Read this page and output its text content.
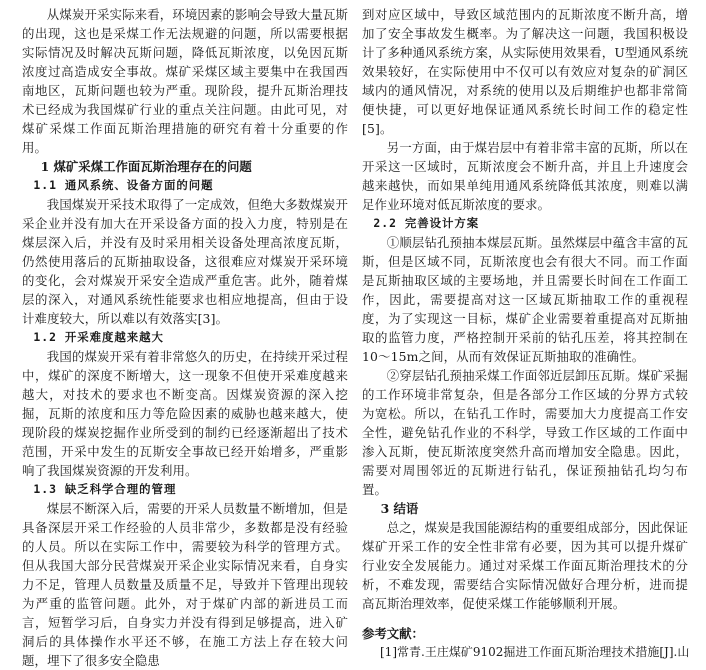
从煤炭开采实际来看，环境因素的影响会导致大量瓦斯的出现，这也是采煤工作无法规避的问题，所以需要根据实际情况及时解决瓦斯问题，降低瓦斯浓度，以免因瓦斯浓度过高造成安全事故。煤矿采煤区域主要集中在我国西南地区，瓦斯问题也较为严重。现阶段，提升瓦斯治理技术已经成为我国煤矿行业的重点关注问题。由此可见，对煤矿采煤工作面瓦斯治理措施的研究有着十分重要的作用。

1 煤矿采煤工作面瓦斯治理存在的问题

1.1 通风系统、设备方面的问题

我国煤炭开采技术取得了一定成效，但绝大多数煤炭开采企业并没有加大在开采设备方面的投入力度，特别是在煤层深入后，并没有及时采用相关设备处理高浓度瓦斯，仍然使用落后的瓦斯抽取设备，这很难应对煤炭开采环境的变化，会对煤炭开采安全造成严重危害。此外，随着煤层的深入，对通风系统性能要求也相应地提高，但由于设计难度较大，所以难以有效落实[3]。

1.2 开采难度越来越大

我国的煤炭开采有着非常悠久的历史，在持续开采过程中，煤矿的深度不断增大，这一现象不但使开采难度越来越大，对技术的要求也不断变高。因煤炭资源的深入挖掘，瓦斯的浓度和压力等危险因素的威胁也越来越大，使现阶段的煤炭挖掘作业所受到的制约已经逐渐超出了技术范围，开采中发生的瓦斯安全事故已经开始增多，严重影响了我国煤炭资源的开发利用。

1.3 缺乏科学合理的管理

煤层不断深入后，需要的开采人员数量不断增加，但是具备深层开采工作经验的人员非常少，多数都是没有经验的人员。所以在实际工作中，需要较为科学的管理方式。但从我国大部分民营煤炭开采企业实际情况来看，自身实力不足，管理人员数量及质量不足，导致并下管理出现较为严重的监管问题。此外，对于煤矿内部的新进员工而言，短暂学习后，自身实力并没有得到足够提高，进入矿洞后的具体操作水平还不够，在施工方法上存在较大问题，埋下了很多安全隐患

到对应区域中，导致区域范围内的瓦斯浓度不断升高，增加了安全事故发生概率。为了解决这一问题，我国积极设计了多种通风系统方案，从实际使用效果看，U型通风系统效果较好，在实际使用中不仅可以有效应对复杂的矿洞区域内的通风情况，对系统的使用以及后期维护也都非常简便快捷，可以更好地保证通风系统长时间工作的稳定性[5]。

另一方面，由于煤岩层中有着非常丰富的瓦斯，所以在开采这一区域时，瓦斯浓度会不断升高，并且上升速度会越来越快，而如果单纯用通风系统降低其浓度，则难以满足作业环境对低瓦斯浓度的要求。

2.2 完善设计方案

①顺层钻孔预抽本煤层瓦斯。虽然煤层中蕴含丰富的瓦斯，但是区域不同，瓦斯浓度也会有很大不同。而工作面是瓦斯抽取区域的主要场地，并且需要长时间在工作面工作，因此，需要提高对这一区域瓦斯抽取工作的重视程度，为了实现这一目标，煤矿企业需要着重提高对瓦斯抽取的监管力度，严格控制开采前的钻孔压差，将其控制在10～15m之间，从而有效保证瓦斯抽取的准确性。

②穿层钻孔预抽采煤工作面邻近层卸压瓦斯。煤矿采掘的工作环境非常复杂，但是各部分工作区域的分界方式较为宽松。所以，在钻孔工作时，需要加大力度提高工作安全性，避免钻孔作业的不科学，导致工作区域的工作面中渗入瓦斯，使瓦斯浓度突然升高而增加安全隐患。因此，需要对周围邻近的瓦斯进行钻孔，保证预抽钻孔均匀布置。

3 结语

总之，煤炭是我国能源结构的重要组成部分，因此保证煤矿开采工作的安全性非常有必要，因为其可以提升煤矿行业安全发展能力。通过对采煤工作面瓦斯治理技术的分析，不难发现，需要结合实际情况做好合理分析，进而提高瓦斯治理效率，促使采煤工作能够顺利开展。

参考文献：

[1]常青.王庄煤矿9102掘进工作面瓦斯治理技术措施[J].山
